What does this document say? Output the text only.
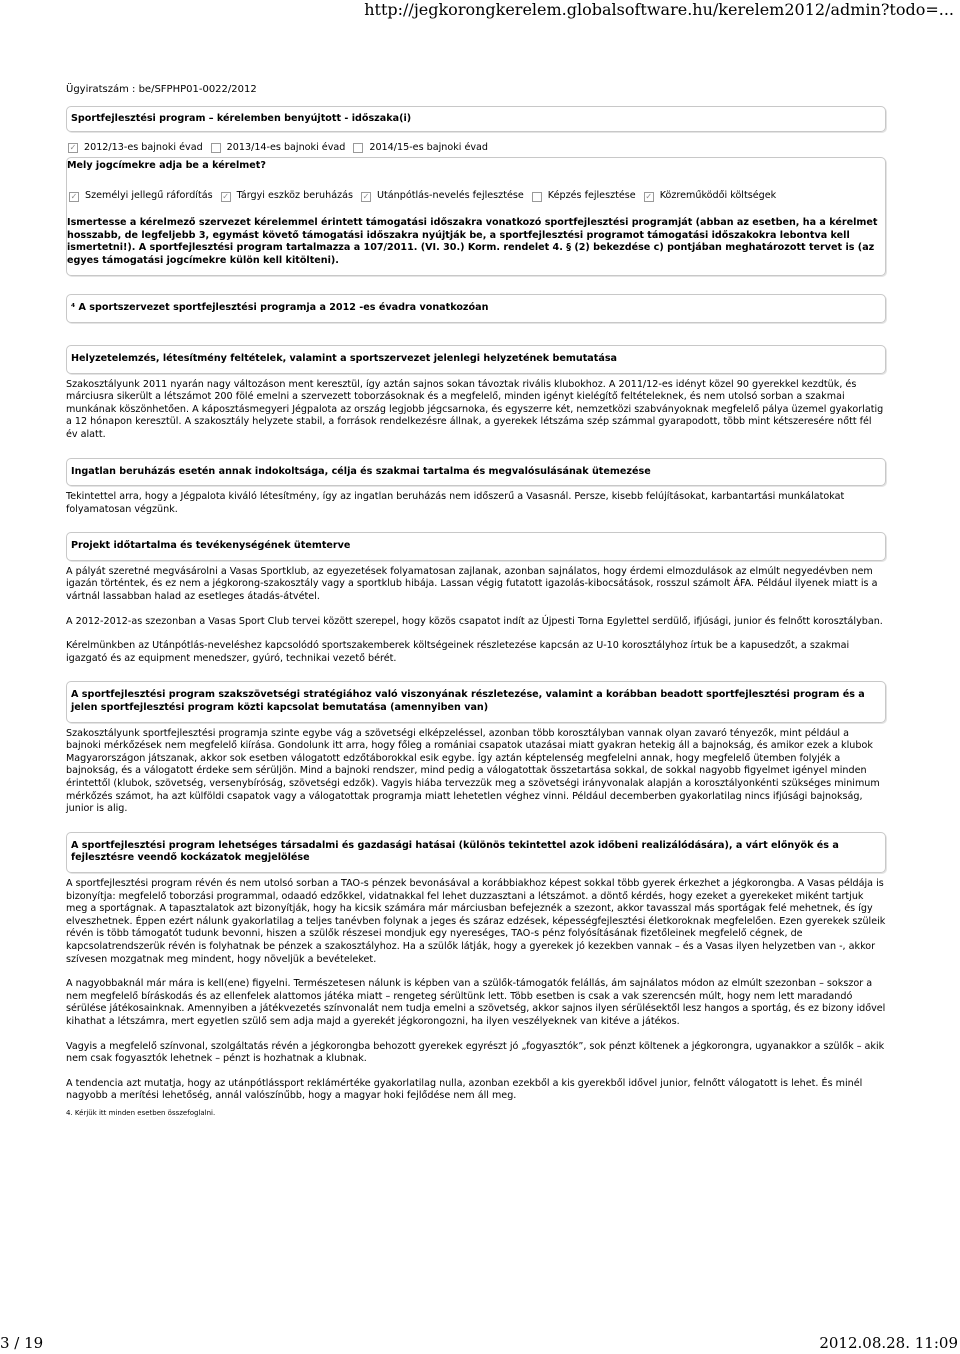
http://jegkorongkerelem.globalsoftware.hu/kerelem2012/admin?todo=...
Ügyiratszám : be/SFPHP01-0022/2012
Sportfejlesztési program – kérelemben benyújtott - időszaka(i)
✓ 2012/13-es bajnoki évad	2013/14-es bajnoki évad	2014/15-es bajnoki évad
Mely jogcímekre adja be a kérelmet?
✓ Személyi jellegű ráfordítás ✓ Tárgyi eszköz beruházás ✓ Utánpótlás-nevelés fejlesztése	Képzés fejlesztése ✓ Közreműködői költségek
Ismertesse a kérelmező szervezet kérelemmel érintett támogatási időszakra vonatkozó sportfejlesztési programját (abban az esetben, ha a kérelmet hosszabb, de legfeljebb 3, egymást követő támogatási időszakra nyújtják be, a sportfejlesztési programot támogatási időszakokra lebontva kell ismertetni!). A sportfejlesztési program tartalmazza a 107/2011. (VI. 30.) Korm. rendelet 4. § (2) bekezdése c) pontjában meghatározott tervet is (az egyes támogatási jogcímekre külön kell kitölteni).
⁴ A sportszervezet sportfejlesztési programja a 2012 -es évadra vonatkozóan
Helyzetelemzés, létesítmény feltételek, valamint a sportszervezet jelenlegi helyzetének bemutatása
Szakosztályunk 2011 nyarán nagy változáson ment keresztül, így aztán sajnos sokan távoztak rivális klubokhoz. A 2011/12-es idényt közel 90 gyerekkel kezdtük, és márciusra sikerült a létszámot 200 fölé emelni a szervezett toborzásoknak és a megfelelő, minden igényt kielégítő feltételeknek, és nem utolsó sorban a szakmai munkának köszönhetően. A káposztásmegyeri Jégpalota az ország legjobb jégcsarnoka, és egyszerre két, nemzetközi szabványoknak megfelelő pálya üzemel gyakorlatig a 12 hónapon keresztül. A szakosztály helyzete stabil, a források rendelkezésre állnak, a gyerekek létszáma szép számmal gyarapodott, több mint kétszeresére nőtt fél év alatt.
Ingatlan beruházás esetén annak indokoltsága, célja és szakmai tartalma és megvalósulásának ütemezése
Tekintettel arra, hogy a Jégpalota kiváló létesítmény, így az ingatlan beruházás nem időszerű a Vasasnál. Persze, kisebb felújításokat, karbantartási munkálatokat folyamatosan végzünk.
Projekt időtartalma és tevékenységének ütemterve
A pályát szeretné megvásárolni a Vasas Sportklub, az egyezetések folyamatosan zajlanak, azonban sajnálatos, hogy érdemi elmozdulások az elmúlt negyedévben nem igazán történtek, és ez nem a jégkorong-szakosztály vagy a sportklub hibája. Lassan végig futatott igazolás-kibocsátások, rosszul számolt ÁFA. Például ilyenek miatt is a vártnál lassabban halad az esetleges átadás-átvétel.
A 2012-2012-as szezonban a Vasas Sport Club tervei között szerepel, hogy közös csapatot indít az Újpesti Torna Egylettel serdülő, ifjúsági, junior és felnőtt korosztályban.
Kérelmünkben az Utánpótlás-neveléshez kapcsolódó sportszakemberek költségeinek részletezése kapcsán az U-10 korosztályhoz írtuk be a kapusedzőt, a szakmai igazgató és az equipment menedszer, gyúró, technikai vezető bérét.
A sportfejlesztési program szakszövetségi stratégiához való viszonyának részletezése, valamint a korábban beadott sportfejlesztési program és a jelen sportfejlesztési program közti kapcsolat bemutatása (amennyiben van)
Szakosztályunk sportfejlesztési programja szinte egybe vág a szövetségi elképzeléssel, azonban több korosztályban vannak olyan zavaró tényezők, mint például a bajnoki mérkőzések nem megfelelő kiírása. Gondolunk itt arra, hogy főleg a romániai csapatok utazásai miatt gyakran hetekig áll a bajnokság, és amikor ezek a klubok Magyarországon játszanak, akkor sok esetben válogatott edzőtáborokkal esik egybe. Így aztán képtelenség megfelelni annak, hogy megfelelő ütemben folyjék a bajnokság, és a válogatott érdeke sem sérüljön. Mind a bajnoki rendszer, mind pedig a válogatottak összetartása sokkal, de sokkal nagyobb figyelmet igényel minden érintettől (klubok, szövetség, versenybíróság, szövetségi edzők). Vagyis hiába tervezzük meg a szövetségi irányvonalak alapján a korosztályonkénti szükséges minimum mérkőzés számot, ha azt külföldi csapatok vagy a válogatottak programja miatt lehetetlen véghez vinni. Például decemberben gyakorlatilag nincs ifjúsági bajnokság, junior is alig.
A sportfejlesztési program lehetséges társadalmi és gazdasági hatásai (különös tekintettel azok időbeni realizálódására), a várt előnyök és a fejlesztésre veendő kockázatok megjelölése
A sportfejlesztési program révén és nem utolsó sorban a TAO-s pénzek bevonásával a korábbiakhoz képest sokkal több gyerek érkezhet a jégkorongba. A Vasas példája is bizonyítja: megfelelő toborzási programmal, odaadó edzőkkel, vidatnakkal fel lehet duzzasztani a létszámot. a döntő kérdés, hogy ezeket a gyerekeket miként tartjuk meg a sportágnak. A tapasztalatok azt bizonyítják, hogy ha kicsik számára már márciusban befejeznék a szezont, akkor tavasszal más sportágak felé mehetnek, és így elveszhetnek. Éppen ezért nálunk gyakorlatilag a teljes tanévben folynak a jeges és száraz edzések, képességfejlesztési életkoroknak megfelelően. Ezen gyerekek szüleik révén is több támogatót tudunk bevonni, hiszen a szülők részesei mondjuk egy nyereséges, TAO-s pénz folyósításának fizetőleinek megfelelő cégnek, de kapcsolatrendszerük révén is folyhatnak be pénzek a szakosztályhoz. Ha a szülők látják, hogy a gyerekek jó kezekben vannak – és a Vasas ilyen helyzetben van -, akkor szívesen mozgatnak meg mindent, hogy növeljük a bevételeket.
A nagyobbaknál már mára is kell(ene) figyelni. Természetesen nálunk is képben van a szülők-támogatók felállás, ám sajnálatos módon az elmúlt szezonban – sokszor a nem megfelelő bíráskodás és az ellenfelek alattomos játéka miatt – rengeteg sérültünk lett. Több esetben is csak a vak szerencsén múlt, hogy nem lett maradandó sérülése játékosainknak. Amennyiben a játékvezetés színvonalát nem tudja emelni a szövetség, akkor sajnos ilyen sérülésektől lesz hangos a sportág, és ez bizony idővel kihathat a létszámra, mert egyetlen szülő sem adja majd a gyerekét jégkorongozni, ha ilyen veszélyeknek van kitéve a játékos.
Vagyis a megfelelő színvonal, szolgáltatás révén a jégkorongba behozott gyerekek egyrészt jó „fogyasztók”, sok pénzt költenek a jégkorongra, ugyanakkor a szülők – akik nem csak fogyasztók lehetnek – pénzt is hozhatnak a klubnak.
A tendencia azt mutatja, hogy az utánpótlássport reklámértéke gyakorlatilag nulla, azonban ezekből a kis gyerekből idővel junior, felnőtt válogatott is lehet. És minél nagyobb a merítési lehetőség, annál valószínűbb, hogy a magyar hoki fejlődése nem áll meg.
4. Kérjük itt minden esetben összefoglalni.
3 / 19	2012.08.28. 11:09
